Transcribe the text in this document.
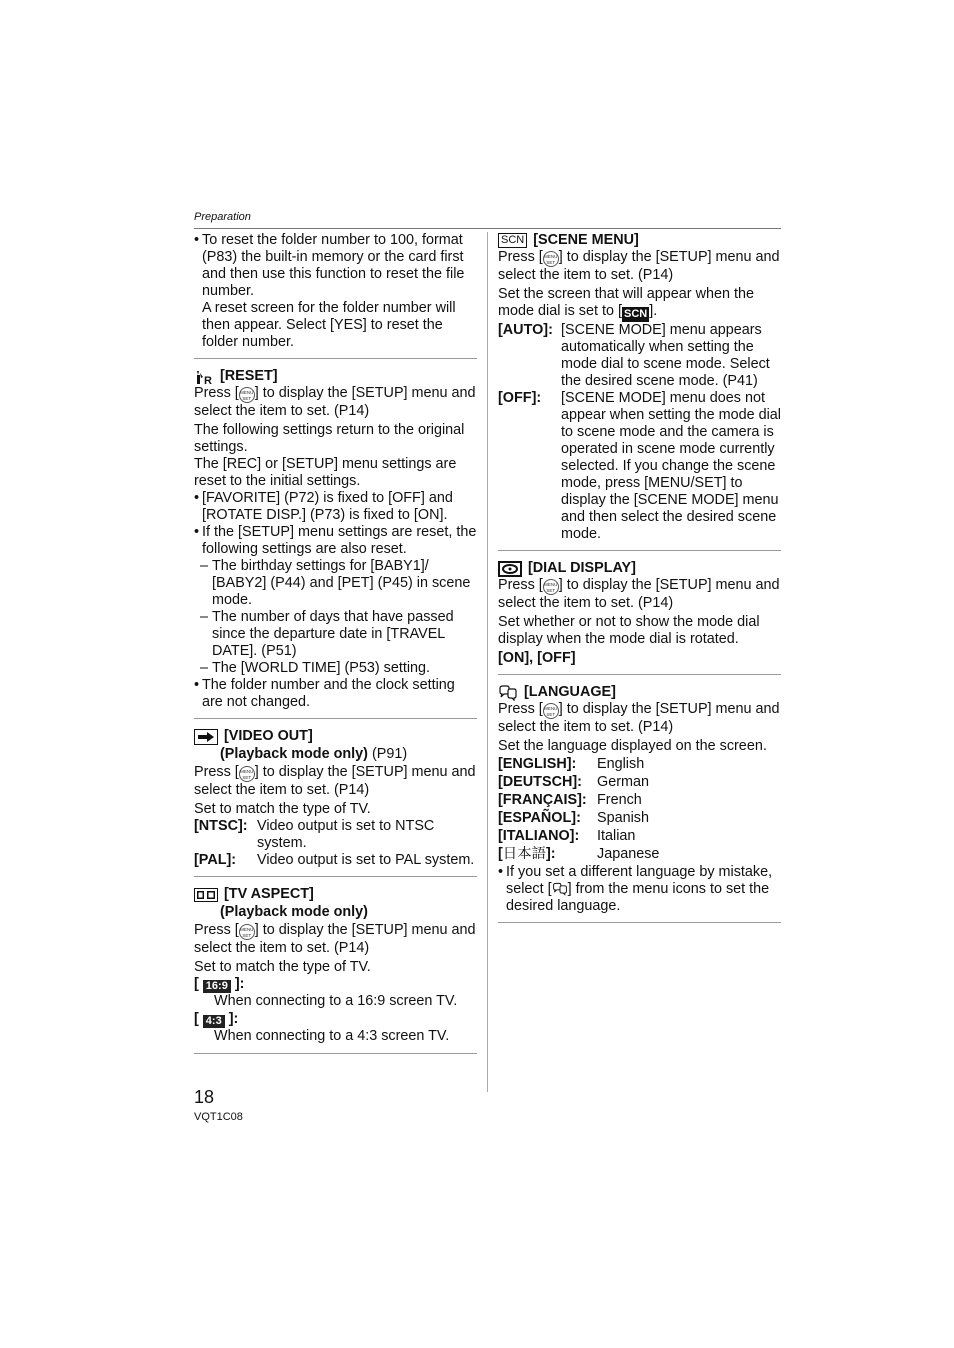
Preparation

• To reset the folder number to 100, format (P83) the built-in memory or the card first and then use this function to reset the file number.

A reset screen for the folder number will then appear. Select [YES] to reset the folder number.

R [RESET]

Press [MENU SET ] to display the [SETUP] menu and select the item to set. (P14)

The following settings return to the original settings.

The [REC] or [SETUP] menu settings are reset to the initial settings.

• [FAVORITE] (P72) is fixed to [OFF] and [ROTATE DISP.] (P73) is fixed to [ON].

• If the [SETUP] menu settings are reset, the following settings are also reset.

– The birthday settings for [BABY1]/ [BABY2] (P44) and [PET] (P45) in scene mode.

– The number of days that have passed since the departure date in [TRAVEL DATE]. (P51)

– The [WORLD TIME] (P53) setting.

• The folder number and the clock setting are not changed.

[VIDEO OUT]

(Playback mode only) (P91)

Press [MENU SET ] to display the [SETUP] menu and select the item to set. (P14)

Set to match the type of TV.

[NTSC]: Video output is set to NTSC system.
[PAL]:	Video output is set to PAL system.

[TV ASPECT]

(Playback mode only)

Press [MENU SET ] to display the [SETUP] menu and select the item to set. (P14)

Set to match the type of TV.

[ 16:9 ]:

When connecting to a 16:9 screen TV.

[ 4:3 ]:

When connecting to a 4:3 screen TV.

SCN [SCENE MENU]

Press [MENU SET ] to display the [SETUP] menu and select the item to set. (P14)

Set the screen that will appear when the mode dial is set to [ SCN ].

[AUTO]: [SCENE MODE] menu appears automatically when setting the mode dial to scene mode. Select the desired scene mode. (P41)
[OFF]:	[SCENE MODE] menu does not appear when setting the mode dial to scene mode and the camera is operated in scene mode currently selected. If you change the scene mode, press [MENU/SET] to display the [SCENE MODE] menu and then select the desired scene mode.

[DIAL DISPLAY]

Press [MENU SET ] to display the [SETUP] menu and select the item to set. (P14)

Set whether or not to show the mode dial display when the mode dial is rotated.

[ON], [OFF]

[LANGUAGE]

Press [MENU SET ] to display the [SETUP] menu and select the item to set. (P14)

Set the language displayed on the screen.

[ENGLISH]:	English
[DEUTSCH]:	German
[FRANÇAIS]: French
[ESPAÑOL]:	Spanish
[ITALIANO]:	Italian
[日本語]:	Japanese

• If you set a different language by mistake, select [ ] from the menu icons to set the desired language.

18
VQT1C08
